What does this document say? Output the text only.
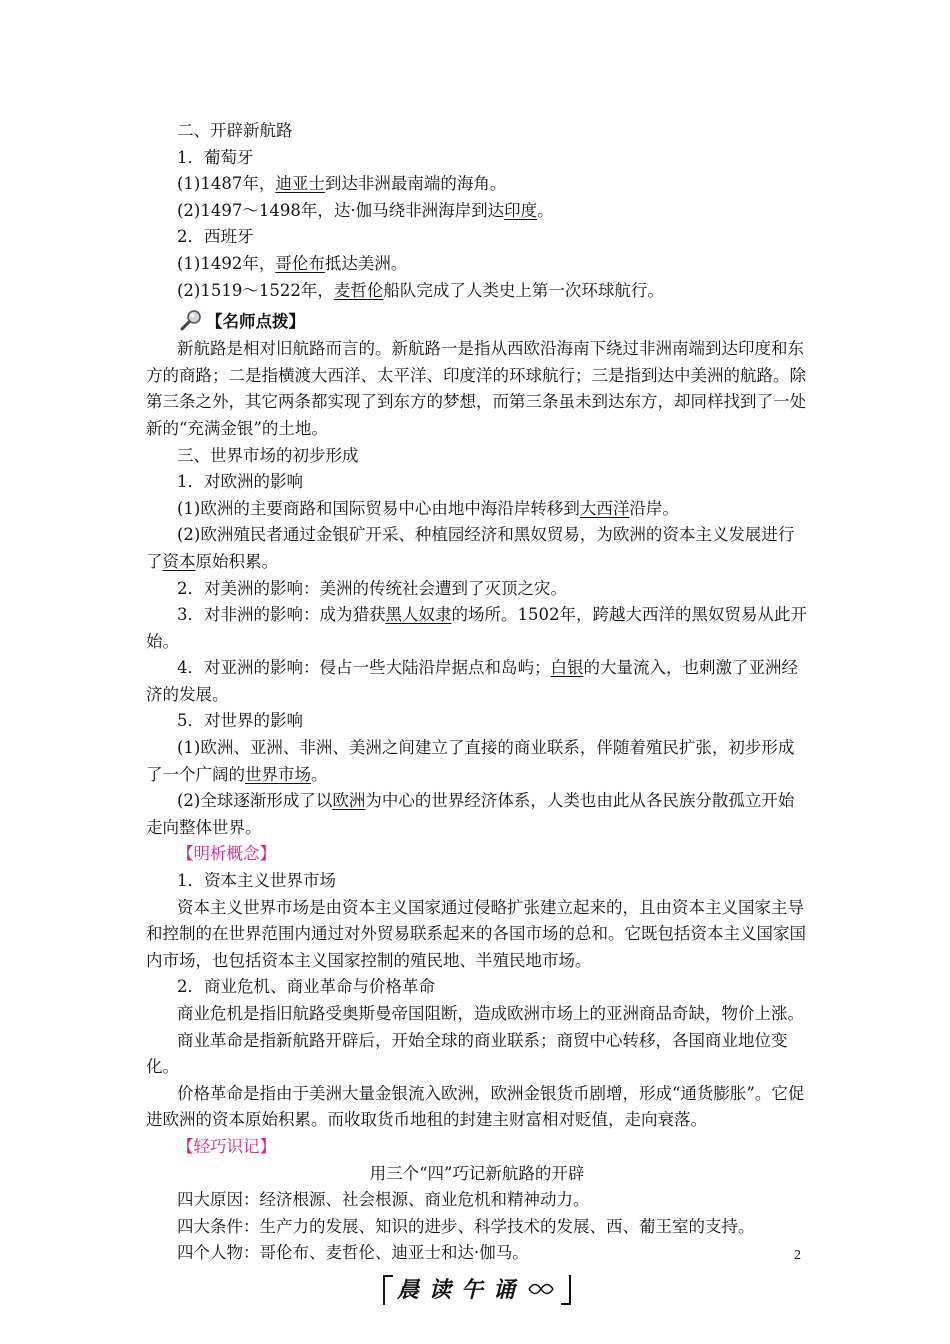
二、开辟新航路

1．葡萄牙

(1)1487年，迪亚士到达非洲最南端的海角。

(2)1497～1498年，达·伽马绕非洲海岸到达印度。

2．西班牙

(1)1492年，哥伦布抵达美洲。

(2)1519～1522年，麦哲伦船队完成了人类史上第一次环球航行。

【名师点拨】

新航路是相对旧航路而言的。新航路一是指从西欧沿海南下绕过非洲南端到达印度和东方的商路；二是指横渡大西洋、太平洋、印度洋的环球航行；三是指到达中美洲的航路。除第三条之外，其它两条都实现了到东方的梦想，而第三条虽未到达东方，却同样找到了一处新的“充满金银”的土地。

三、世界市场的初步形成

1．对欧洲的影响

(1)欧洲的主要商路和国际贸易中心由地中海沿岸转移到大西洋沿岸。

(2)欧洲殖民者通过金银矿开采、种植园经济和黑奴贸易，为欧洲的资本主义发展进行了资本原始积累。

2．对美洲的影响：美洲的传统社会遭到了灭顶之灾。

3．对非洲的影响：成为猎获黑人奴隶的场所。1502年，跨越大西洋的黑奴贸易从此开始。

4．对亚洲的影响：侵占一些大陆沿岸据点和岛屿；白银的大量流入，也刺激了亚洲经济的发展。

5．对世界的影响

(1)欧洲、亚洲、非洲、美洲之间建立了直接的商业联系，伴随着殖民扩张，初步形成了一个广阔的世界市场。

(2)全球逐渐形成了以欧洲为中心的世界经济体系，人类也由此从各民族分散孤立开始走向整体世界。

【明析概念】

1．资本主义世界市场

资本主义世界市场是由资本主义国家通过侵略扩张建立起来的，且由资本主义国家主导和控制的在世界范围内通过对外贸易联系起来的各国市场的总和。它既包括资本主义国家国内市场，也包括资本主义国家控制的殖民地、半殖民地市场。

2．商业危机、商业革命与价格革命

商业危机是指旧航路受奥斯曼帝国阻断，造成欧洲市场上的亚洲商品奇缺，物价上涨。

商业革命是指新航路开辟后，开始全球的商业联系；商贸中心转移，各国商业地位变化。

价格革命是指由于美洲大量金银流入欧洲，欧洲金银货币剧增，形成“通货膨胀”。它促进欧洲的资本原始积累。而收取货币地租的封建主财富相对贬值，走向衰落。

【轻巧识记】

用三个“四”巧记新航路的开辟

四大原因：经济根源、社会根源、商业危机和精神动力。

四大条件：生产力的发展、知识的进步、科学技术的发展、西、葡王室的支持。

四个人物：哥伦布、麦哲伦、迪亚士和达·伽马。

晨读午诵
2
